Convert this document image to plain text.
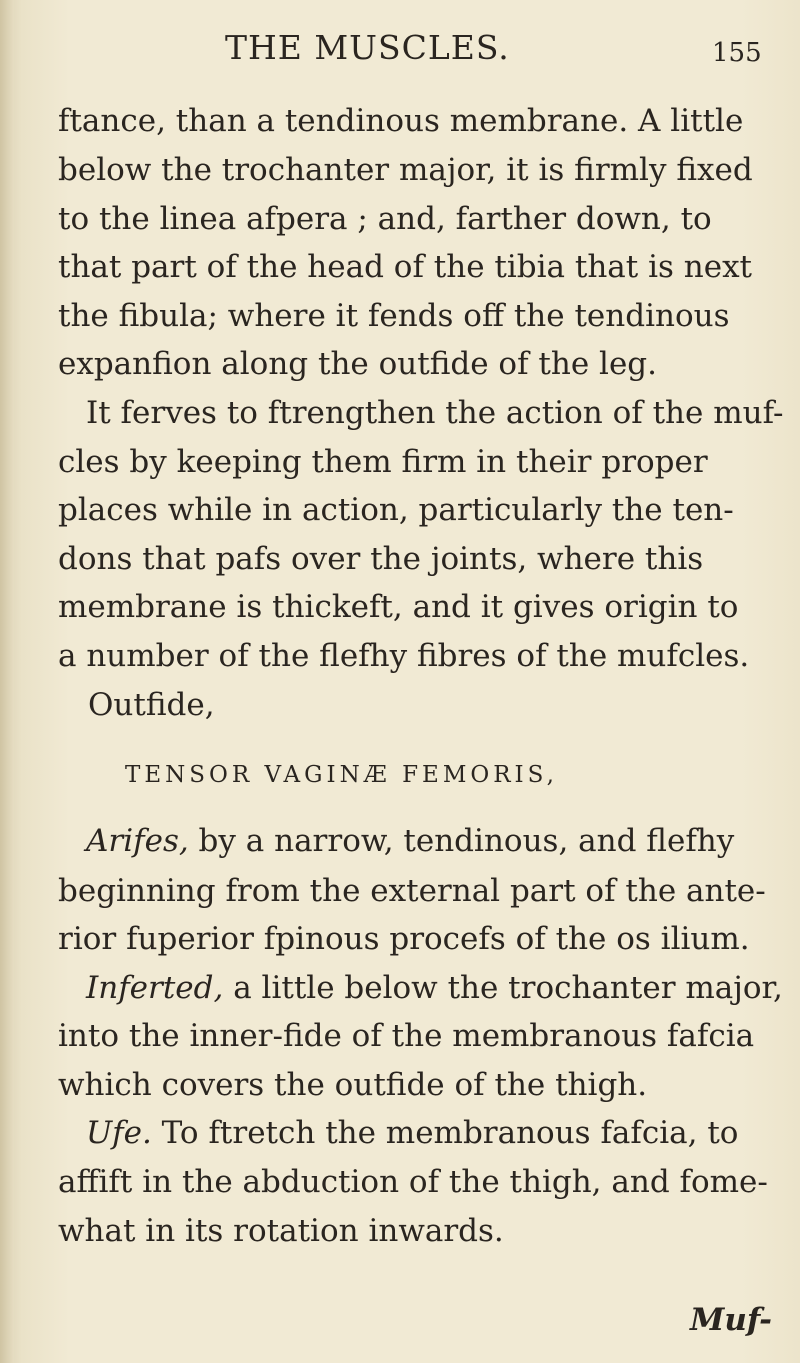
THE MUSCLES.	155
ftance, than a tendinous membrane. A little
below the trochanter major, it is firmly fixed
to the linea afpera ; and, farther down, to
that part of the head of the tibia that is next
the fibula; where it fends off the tendinous
expanfion along the outfide of the leg.
It ferves to ftrengthen the action of the muf-
cles by keeping them firm in their proper
places while in action, particularly the ten-
dons that pafs over the joints, where this
membrane is thickeft, and it gives origin to
a number of the flefhy fibres of the mufcles.
Outfide,
TENSOR VAGINÆ FEMORIS,
Arifes, by a narrow, tendinous, and flefhy
beginning from the external part of the ante-
rior fuperior fpinous procefs of the os ilium.
Inferted, a little below the trochanter major,
into the inner-fide of the membranous fafcia
which covers the outfide of the thigh.
Ufe. To ftretch the membranous fafcia, to
affift in the abduction of the thigh, and fome-
what in its rotation inwards.
Muf-
